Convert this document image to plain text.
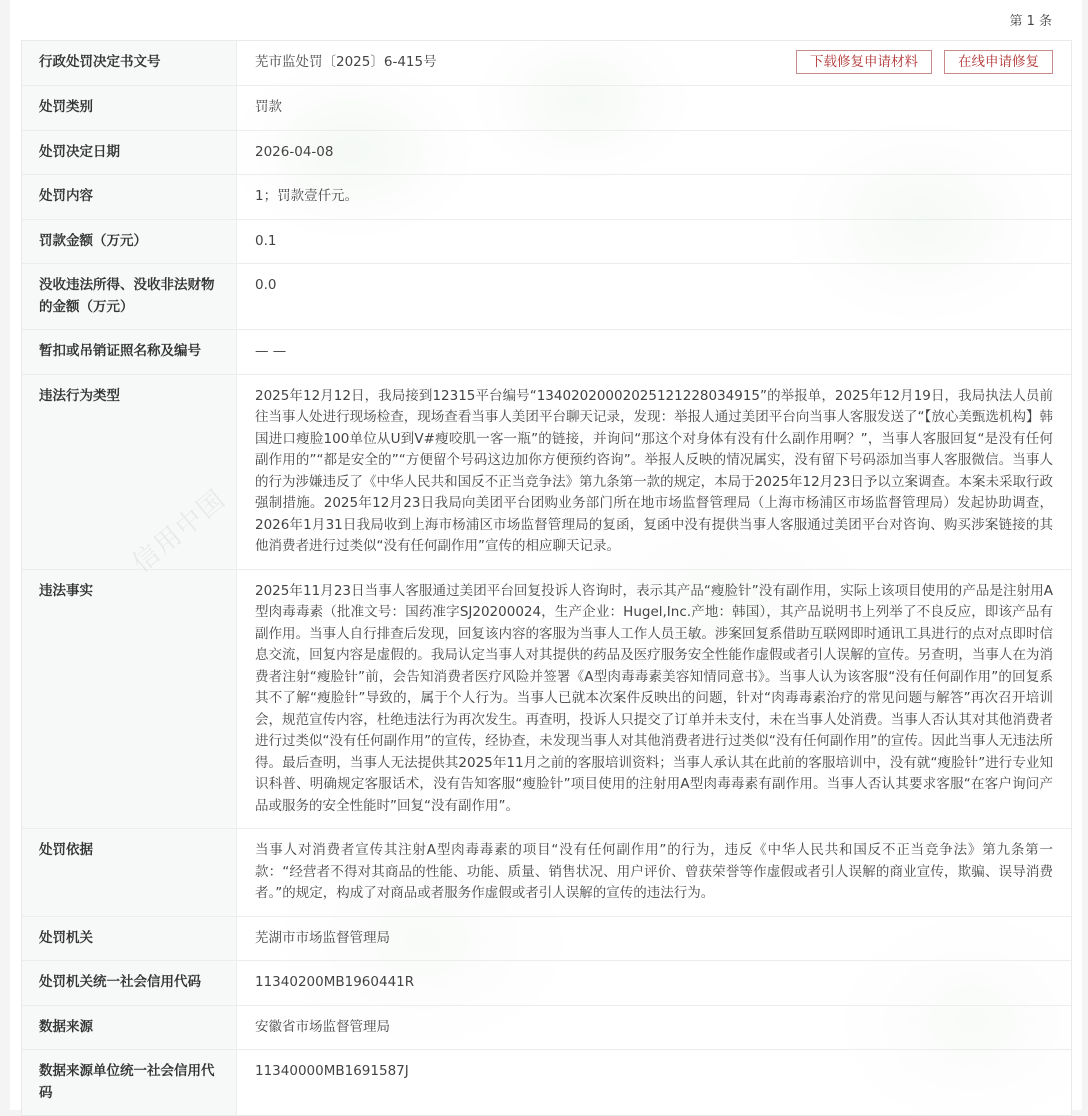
第 1 条
行政处罚决定书文号	芜市监处罚〔2025〕6-415号 下载修复申请材料 在线申请修复

处罚类别	罚款
处罚决定日期	2026-04-08
处罚内容	1；罚款壹仟元。
罚款金额（万元）	0.1
没收违法所得、没收非法财物的金额（万元）	0.0
暂扣或吊销证照名称及编号	— —
违法行为类型	2025年12月12日，我局接到12315平台编号“13402020002025121228034915”的举报单，2025年12月19日，我局执法人员前往当事人处进行现场检查，现场查看当事人美团平台聊天记录，发现：举报人通过美团平台向当事人客服发送了“【放心美甄选机构】韩国进口瘦脸100单位从U到V#瘦咬肌一客一瓶”的链接，并询问“那这个对身体有没有什么副作用啊？”，当事人客服回复“是没有任何副作用的”“都是安全的”“方便留个号码这边加你方便预约咨询”。举报人反映的情况属实，没有留下号码添加当事人客服微信。当事人的行为涉嫌违反了《中华人民共和国反不正当竞争法》第九条第一款的规定，本局于2025年12月23日予以立案调查。本案未采取行政强制措施。2025年12月23日我局向美团平台团购业务部门所在地市场监督管理局（上海市杨浦区市场监督管理局）发起协助调查，2026年1月31日我局收到上海市杨浦区市场监督管理局的复函，复函中没有提供当事人客服通过美团平台对咨询、购买涉案链接的其他消费者进行过类似“没有任何副作用”宣传的相应聊天记录。
违法事实	2025年11月23日当事人客服通过美团平台回复投诉人咨询时，表示其产品“瘦脸针”没有副作用，实际上该项目使用的产品是注射用A型肉毒毒素（批准文号：国药准字SJ20200024，生产企业：Hugel,Inc.产地：韩国），其产品说明书上列举了不良反应，即该产品有副作用。当事人自行排查后发现，回复该内容的客服为当事人工作人员王敏。涉案回复系借助互联网即时通讯工具进行的点对点即时信息交流，回复内容是虚假的。我局认定当事人对其提供的药品及医疗服务安全性能作虚假或者引人误解的宣传。另查明，当事人在为消费者注射“瘦脸针”前，会告知消费者医疗风险并签署《A型肉毒毒素美容知情同意书》。当事人认为该客服“没有任何副作用”的回复系其不了解“瘦脸针”导致的，属于个人行为。当事人已就本次案件反映出的问题，针对“肉毒毒素治疗的常见问题与解答”再次召开培训会，规范宣传内容，杜绝违法行为再次发生。再查明，投诉人只提交了订单并未支付，未在当事人处消费。当事人否认其对其他消费者进行过类似“没有任何副作用”的宣传，经协查，未发现当事人对其他消费者进行过类似“没有任何副作用”的宣传。因此当事人无违法所得。最后查明，当事人无法提供其2025年11月之前的客服培训资料；当事人承认其在此前的客服培训中，没有就“瘦脸针”进行专业知识科普、明确规定客服话术，没有告知客服“瘦脸针”项目使用的注射用A型肉毒毒素有副作用。当事人否认其要求客服“在客户询问产品或服务的安全性能时”回复“没有副作用”。
处罚依据	当事人对消费者宣传其注射A型肉毒毒素的项目“没有任何副作用”的行为，违反《中华人民共和国反不正当竞争法》第九条第一款：“经营者不得对其商品的性能、功能、质量、销售状况、用户评价、曾获荣誉等作虚假或者引人误解的商业宣传，欺骗、误导消费者。”的规定，构成了对商品或者服务作虚假或者引人误解的宣传的违法行为。
处罚机关	芜湖市市场监督管理局
处罚机关统一社会信用代码	11340200MB1960441R
数据来源	安徽省市场监督管理局
数据来源单位统一社会信用代码	11340000MB1691587J
